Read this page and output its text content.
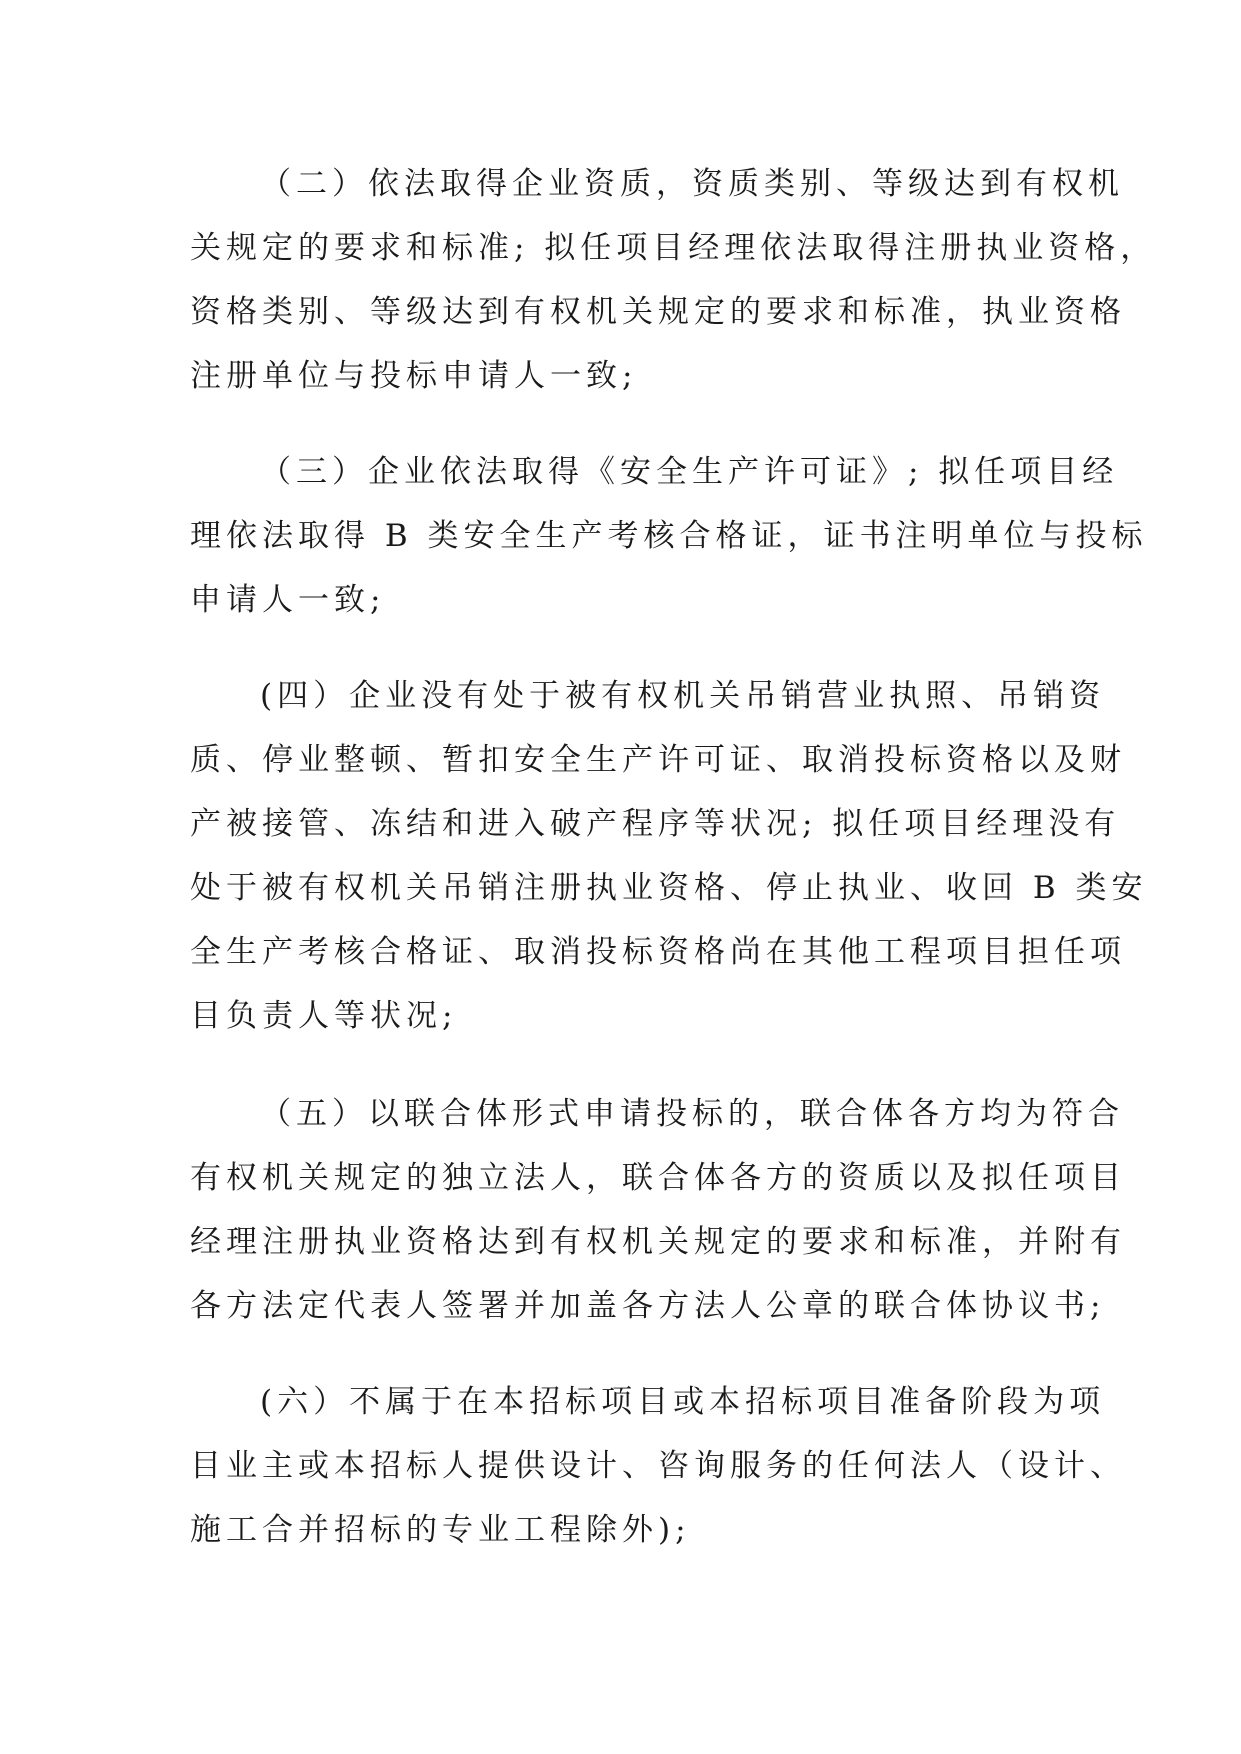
（二）依法取得企业资质，资质类别、等级达到有权机
关规定的要求和标准; 拟任项目经理依法取得注册执业资格，
资格类别、等级达到有权机关规定的要求和标准，执业资格
注册单位与投标申请人一致;

（三）企业依法取得《安全生产许可证》; 拟任项目经
理依法取得 B 类安全生产考核合格证，证书注明单位与投标
申请人一致;

(四）企业没有处于被有权机关吊销营业执照、吊销资
质、停业整顿、暂扣安全生产许可证、取消投标资格以及财
产被接管、冻结和进入破产程序等状况; 拟任项目经理没有
处于被有权机关吊销注册执业资格、停止执业、收回 B 类安
全生产考核合格证、取消投标资格尚在其他工程项目担任项
目负责人等状况;

（五）以联合体形式申请投标的，联合体各方均为符合
有权机关规定的独立法人，联合体各方的资质以及拟任项目
经理注册执业资格达到有权机关规定的要求和标准，并附有
各方法定代表人签署并加盖各方法人公章的联合体协议书;

(六）不属于在本招标项目或本招标项目准备阶段为项
目业主或本招标人提供设计、咨询服务的任何法人（设计、
施工合并招标的专业工程除外);
